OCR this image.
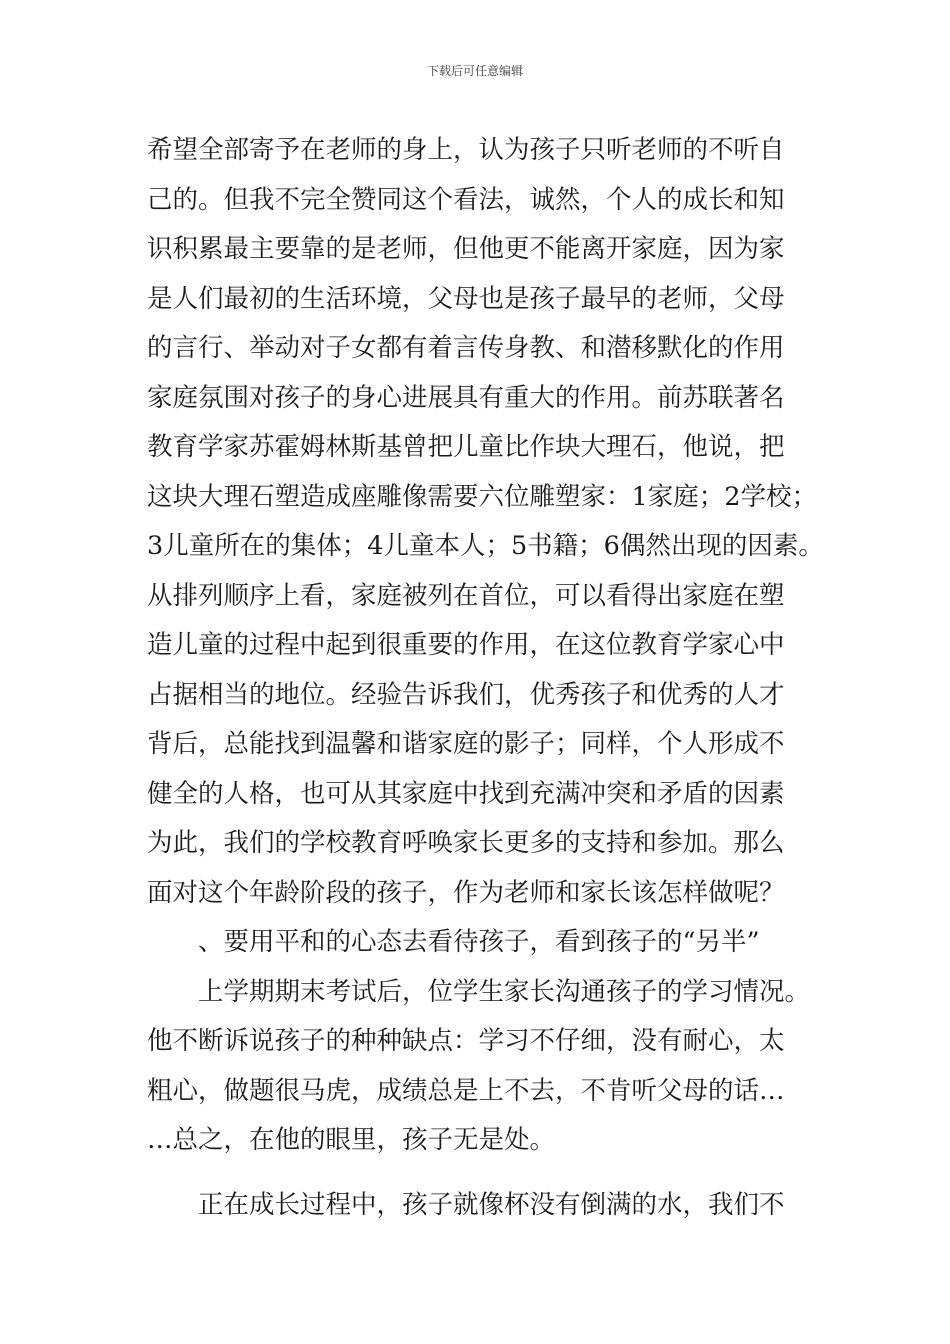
下载后可任意编辑
希望全部寄予在老师的身上，认为孩子只听老师的不听自
己的。但我不完全赞同这个看法，诚然，个人的成长和知
识积累最主要靠的是老师，但他更不能离开家庭，因为家
是人们最初的生活环境，父母也是孩子最早的老师，父母
的言行、举动对子女都有着言传身教、和潜移默化的作用
家庭氛围对孩子的身心进展具有重大的作用。前苏联著名
教育学家苏霍姆林斯基曾把儿童比作块大理石，他说，把
这块大理石塑造成座雕像需要六位雕塑家：1家庭；2学校；
3儿童所在的集体；4儿童本人；5书籍；6偶然出现的因素。
从排列顺序上看，家庭被列在首位，可以看得出家庭在塑
造儿童的过程中起到很重要的作用，在这位教育学家心中
占据相当的地位。经验告诉我们，优秀孩子和优秀的人才
背后，总能找到温馨和谐家庭的影子；同样，个人形成不
健全的人格，也可从其家庭中找到充满冲突和矛盾的因素
为此，我们的学校教育呼唤家长更多的支持和参加。那么
面对这个年龄阶段的孩子，作为老师和家长该怎样做呢？
、要用平和的心态去看待孩子，看到孩子的“另半”
上学期期末考试后，位学生家长沟通孩子的学习情况。
他不断诉说孩子的种种缺点：学习不仔细，没有耐心，太
粗心，做题很马虎，成绩总是上不去，不肯听父母的话…
…总之，在他的眼里，孩子无是处。
正在成长过程中，孩子就像杯没有倒满的水，我们不
